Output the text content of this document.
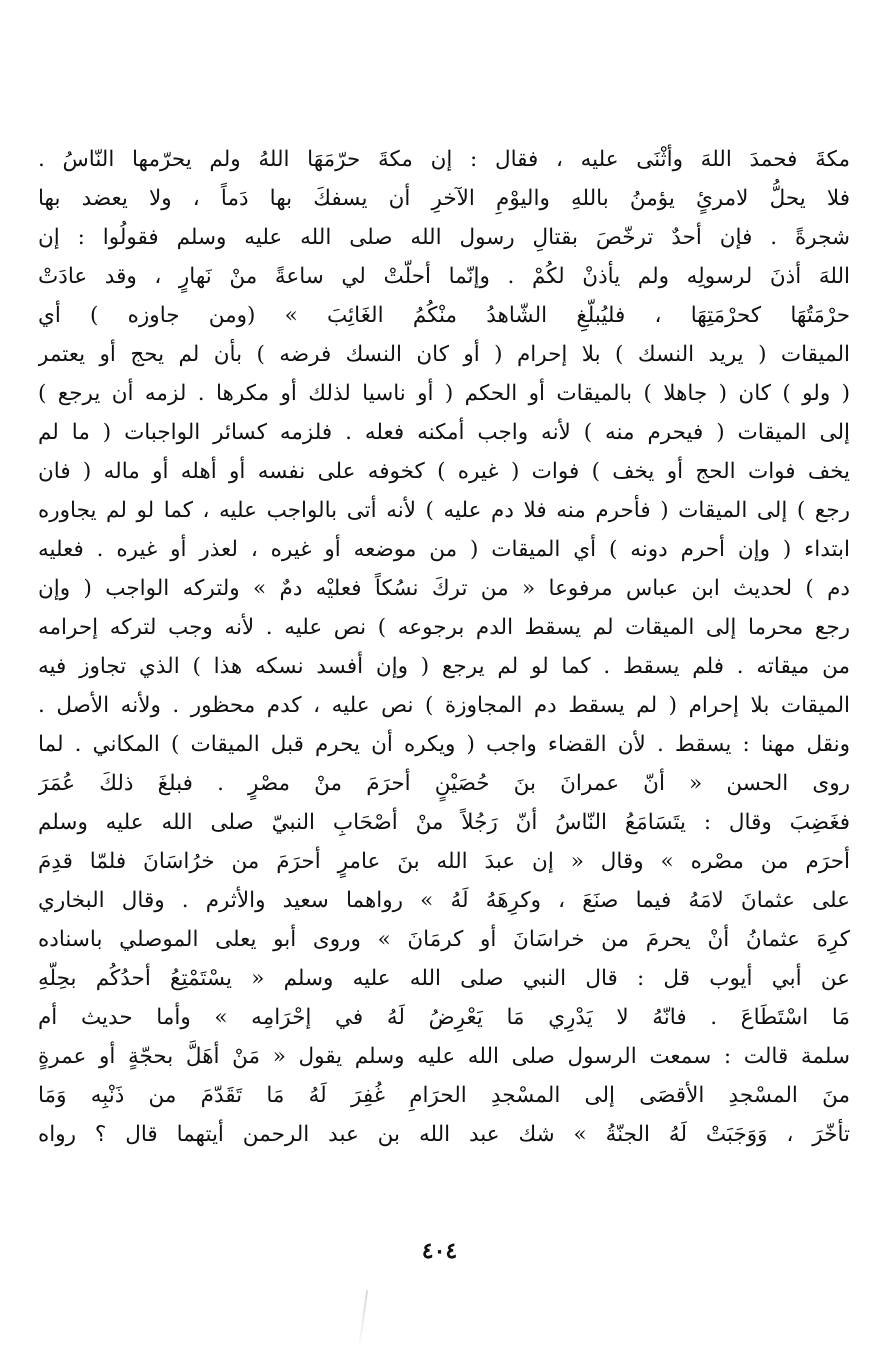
مكةَ فحمدَ اللهَ وأثْنَى عليه ، فقال : إن مكةَ حرّمَهَا اللهُ ولم يحرّمها النّاسُ .
فلا يحلُّ لامرئٍ يؤمنُ باللهِ واليوْمِ الآخرِ أن يسفكَ بها دَماً ، ولا يعضد بها
شجرةً . فإن أحدٌ ترخّصَ بقتالِ رسول الله صلى الله عليه وسلم فقولُوا : إن
اللهَ أذنَ لرسولِه ولم يأذنْ لكُمْ . وإنّما أحلّتْ لي ساعةً منْ نَهارٍ ، وقد عادَتْ
حرْمَتُهَا كحرْمَتِهَا ، فليُبلّغِ الشّاهدُ منْكُمُ الغَائِبَ » (ومن جاوزه ) أي
الميقات ( يريد النسك ) بلا إحرام ( أو كان النسك فرضه ) بأن لم يحج أو يعتمر
( ولو ) كان ( جاهلا ) بالميقات أو الحكم ( أو ناسيا لذلك أو مكرها . لزمه أن يرجع )
إلى الميقات ( فيحرم منه ) لأنه واجب أمكنه فعله . فلزمه كسائر الواجبات ( ما لم
يخف فوات الحج أو يخف ) فوات ( غيره ) كخوفه على نفسه أو أهله أو ماله ( فان
رجع ) إلى الميقات ( فأحرم منه فلا دم عليه ) لأنه أتى بالواجب عليه ، كما لو لم يجاوره
ابتداء ( وإن أحرم دونه ) أي الميقات ( من موضعه أو غيره ، لعذر أو غيره . فعليه
دم ) لحديث ابن عباس مرفوعا « من تركَ نسُكاً فعليْه دمٌ » ولتركه الواجب ( وإن
رجع محرما إلى الميقات لم يسقط الدم برجوعه ) نص عليه . لأنه وجب لتركه إحرامه
من ميقاته . فلم يسقط . كما لو لم يرجع ( وإن أفسد نسكه هذا ) الذي تجاوز فيه
الميقات بلا إحرام ( لم يسقط دم المجاوزة ) نص عليه ، كدم محظور . ولأنه الأصل .
ونقل مهنا : يسقط . لأن القضاء واجب ( ويكره أن يحرم قبل الميقات ) المكاني . لما
روى الحسن « أنّ عمرانَ بنَ حُصَيْنٍ أحرَمَ منْ مصْرٍ . فبلغَ ذلكَ عُمَرَ
فغَضِبَ وقال : يتَسَامَعُ النّاسُ أنّ رَجُلاً منْ أصْحَابِ النبيّ صلى الله عليه وسلم
أحرَم من مصْره » وقال « إن عبدَ الله بنَ عامرٍ أحرَمَ من خرُاسَانَ فلمّا قدِمَ
على عثمانَ لامَهُ فيما صنَعَ ، وكرِهَهُ لَهُ » رواهما سعيد والأثرم . وقال البخاري
كرِهَ عثمانُ أنْ يحرمَ من خراسَانَ أو كرمَانَ » وروى أبو يعلى الموصلي باسناده
عن أبي أيوب قل : قال النبي صلى الله عليه وسلم « يسْتَمْتِعُ أحدُكُم بحِلّهِ
مَا اسْتَطَاعَ . فانّهُ لا يَدْرِي مَا يَعْرِضُ لَهُ في إحْرَامِه » وأما حديث أم
سلمة قالت : سمعت الرسول صلى الله عليه وسلم يقول « مَنْ أهَلَّ بحجّةٍ أو عمرةٍ
منَ المسْجدِ الأقصَى إلى المسْجدِ الحرَامِ غُفِرَ لَهُ مَا تَقَدّمَ من ذَنْبِه وَمَا
تأخّرَ ، وَوَجَبَتْ لَهُ الجنّةُ » شك عبد الله بن عبد الرحمن أيتهما قال ؟ رواه
٤٠٤
